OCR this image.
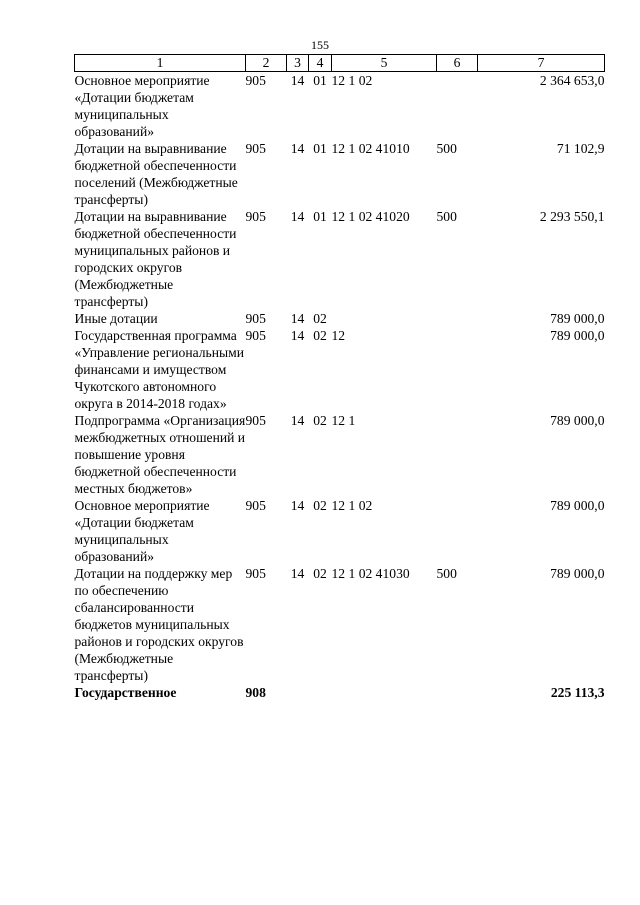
155
1	2	3	4	5	6	7
Основное мероприятие «Дотации бюджетам муниципальных образований»	905	14	01	12 1 02		2 364 653,0
Дотации на выравнивание бюджетной обеспеченности поселений (Межбюджетные трансферты)	905	14	01	12 1 02 41010	500	71 102,9
Дотации на выравнивание бюджетной обеспеченности муниципальных районов и городских округов (Межбюджетные трансферты)	905	14	01	12 1 02 41020	500	2 293 550,1
Иные дотации	905	14	02			789 000,0
Государственная программа «Управление региональными финансами и имуществом Чукотского автономного округа в 2014-2018 годах»	905	14	02	12		789 000,0
Подпрограмма «Организация межбюджетных отношений и повышение уровня бюджетной обеспеченности местных бюджетов»	905	14	02	12 1		789 000,0
Основное мероприятие «Дотации бюджетам муниципальных образований»	905	14	02	12 1 02		789 000,0
Дотации на поддержку мер по обеспечению сбалансированности бюджетов муниципальных районов и городских округов (Межбюджетные трансферты)	905	14	02	12 1 02 41030	500	789 000,0
Государственное	908					225 113,3
